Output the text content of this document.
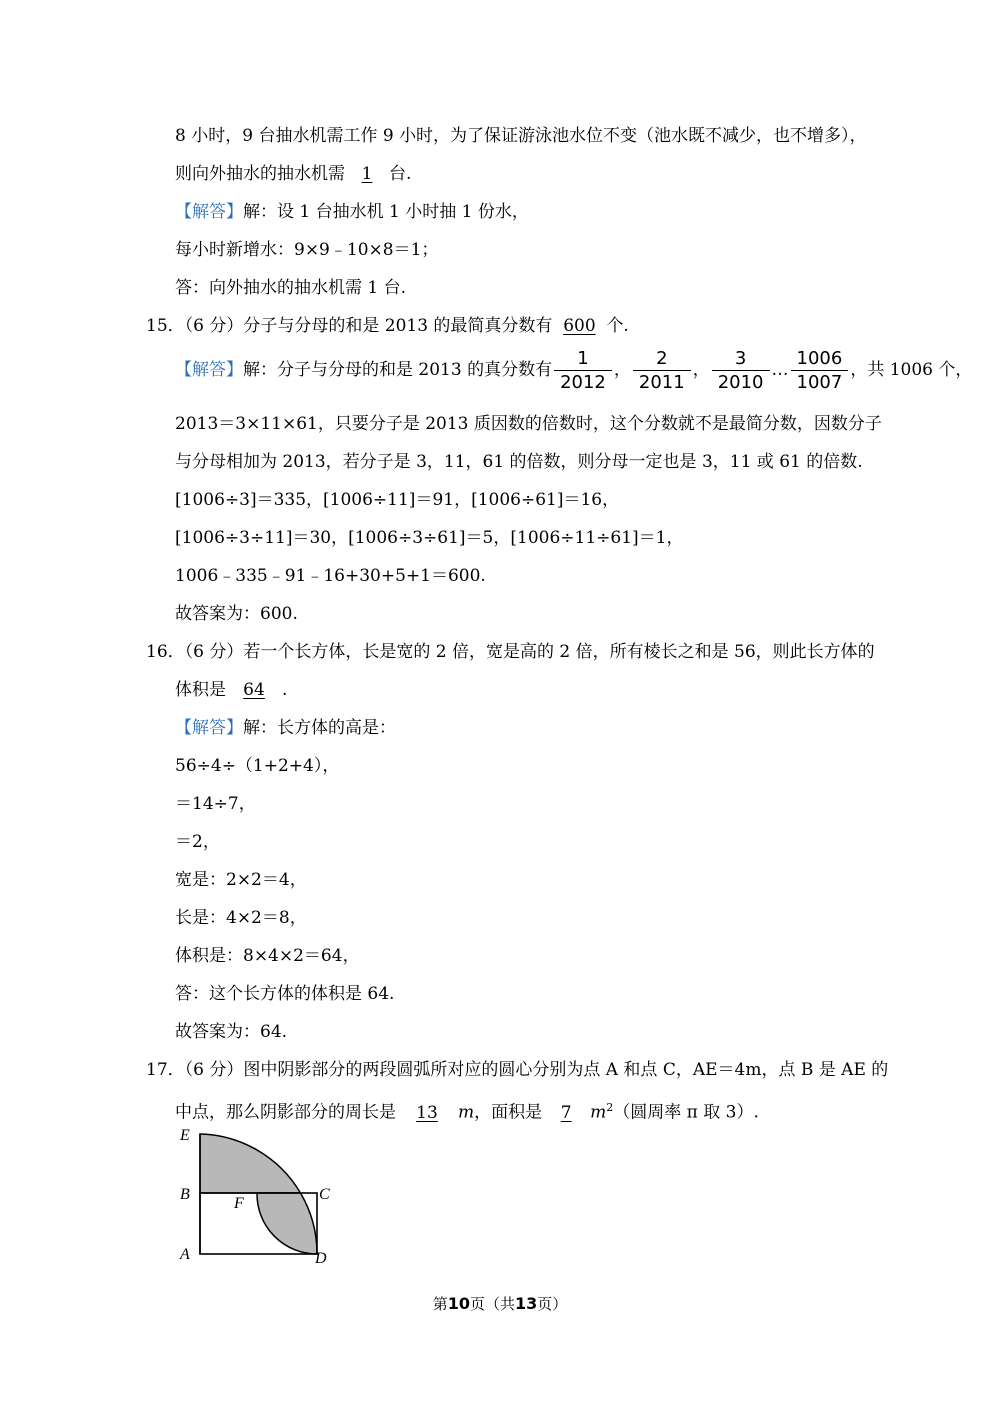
8 小时，9 台抽水机需工作 9 小时，为了保证游泳池水位不变（池水既不减少，也不增多），
则向外抽水的抽水机需 1 台.
【解答】解：设 1 台抽水机 1 小时抽 1 份水，
每小时新增水：9×9﹣10×8＝1；
答：向外抽水的抽水机需 1 台.
15．（6 分）分子与分母的和是 2013 的最简真分数有 600 个.
【解答】解：分子与分母的和是 2013 的真分数有 $\frac{1}{2012}$ ， $\frac{2}{2011}$ ， $\frac{3}{2010}$ … $\frac{1006}{1007}$ ，共 1006 个，
2013＝3×11×61，只要分子是 2013 质因数的倍数时，这个分数就不是最简分数，因数分子
与分母相加为 2013，若分子是 3，11，61 的倍数，则分母一定也是 3，11 或 61 的倍数.
[1006÷3]＝335，[1006÷11]＝91，[1006÷61]＝16，
[1006÷3÷11]＝30，[1006÷3÷61]＝5，[1006÷11÷61]＝1，
1006﹣335﹣91﹣16+30+5+1＝600.
故答案为：600.
16．（6 分）若一个长方体，长是宽的 2 倍，宽是高的 2 倍，所有棱长之和是 56，则此长方体的
体积是 64 .
【解答】解：长方体的高是：
56÷4÷（1+2+4），
＝14÷7，
＝2，
宽是：2×2＝4，
长是：4×2＝8，
体积是：8×4×2＝64，
答：这个长方体的体积是 64.
故答案为：64.
17．（6 分）图中阴影部分的两段圆弧所对应的圆心分别为点 A 和点 C，AE＝4m，点 B 是 AE 的
中点，那么阴影部分的周长是 13 m，面积是 7 $m^2$（圆周率 π 取 3）.
E
B
A
F
C
D
第10页（共13页）
